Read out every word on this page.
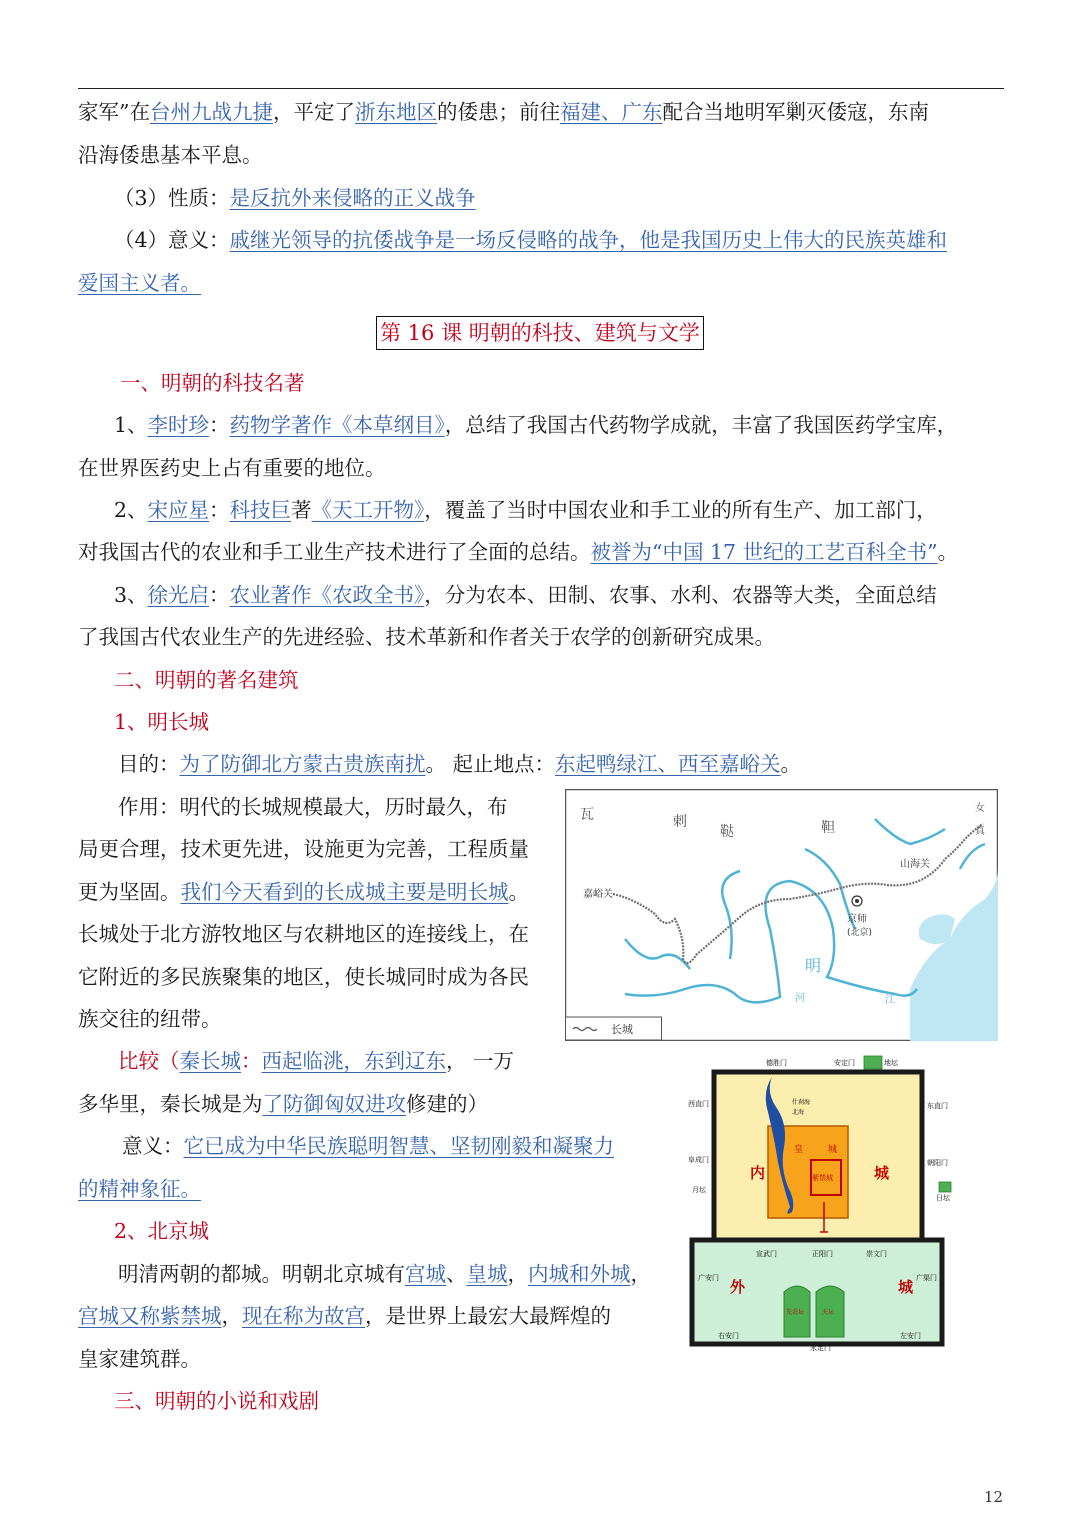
家军”在台州九战九捷，平定了浙东地区的倭患；前往福建、广东配合当地明军剿灭倭寇，东南
沿海倭患基本平息。
（3）性质：是反抗外来侵略的正义战争
（4）意义：戚继光领导的抗倭战争是一场反侵略的战争，他是我国历史上伟大的民族英雄和
爱国主义者。
第 16 课 明朝的科技、建筑与文学
一、明朝的科技名著
1、李时珍：药物学著作《本草纲目》，总结了我国古代药物学成就，丰富了我国医药学宝库，
在世界医药史上占有重要的地位。
2、宋应星：科技巨著《天工开物》，覆盖了当时中国农业和手工业的所有生产、加工部门，
对我国古代的农业和手工业生产技术进行了全面的总结。被誉为“中国 17 世纪的工艺百科全书”。
3、徐光启：农业著作《农政全书》，分为农本、田制、农事、水利、农器等大类，全面总结
了我国古代农业生产的先进经验、技术革新和作者关于农学的创新研究成果。
二、明朝的著名建筑
1、明长城
目的：为了防御北方蒙古贵族南扰。 起止地点：东起鸭绿江、西至嘉峪关。
作用：明代的长城规模最大，历时最久，布
局更合理，技术更先进，设施更为完善，工程质量
更为坚固。我们今天看到的长成城主要是明长城。
长城处于北方游牧地区与农耕地区的连接线上，在
它附近的多民族聚集的地区，使长城同时成为各民
族交往的纽带。
比较（秦长城：西起临洮，东到辽东， 一万
多华里，秦长城是为了防御匈奴进攻修建的）
意义：它已成为中华民族聪明智慧、坚韧刚毅和凝聚力
的精神象征。
2、北京城
明清两朝的都城。明朝北京城有宫城、皇城，内城和外城，
宫城又称紫禁城，现在称为故宫，是世界上最宏大最辉煌的
皇家建筑群。
三、明朝的小说和戏剧
12
瓦	剌
鞑	靼
女
真
山海关
嘉峪关
京师
(北京)
明
河	江
长城
德胜门	安定门	地坛
西直门	东直门
阜成门	朝阳门
月坛
日坛
什刹海
北海
内	城
皇	城
紫禁城
宣武门	正阳门	崇文门
广安门	广渠门
外	城
先农坛	天坛
右安门	左安门
永定门
